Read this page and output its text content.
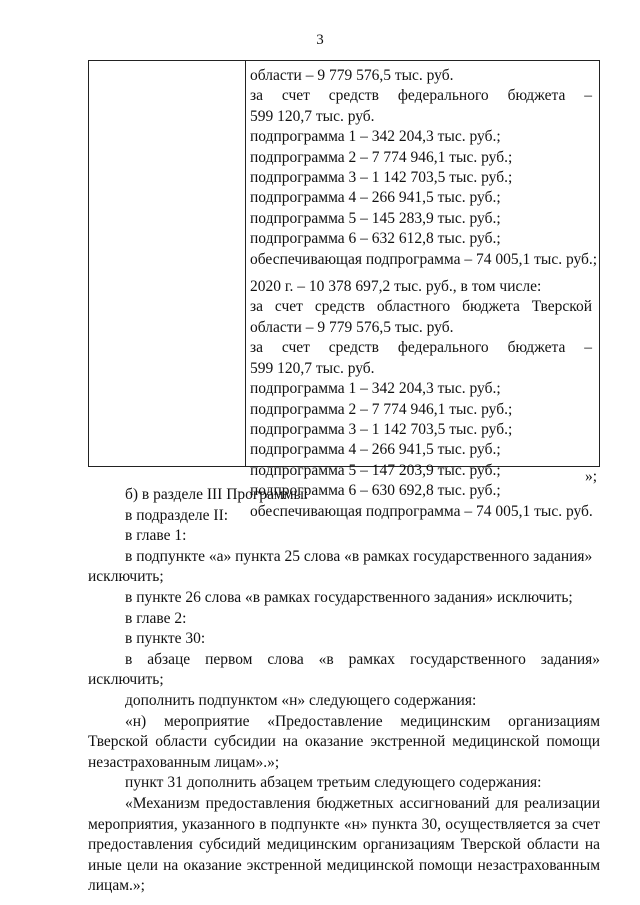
3
области – 9 779 576,5 тыс. руб.
за счет средств федерального бюджета –
599 120,7 тыс. руб.
подпрограмма 1 – 342 204,3 тыс. руб.;
подпрограмма 2 – 7 774 946,1 тыс. руб.;
подпрограмма 3 – 1 142 703,5 тыс. руб.;
подпрограмма 4 – 266 941,5 тыс. руб.;
подпрограмма 5 – 145 283,9 тыс. руб.;
подпрограмма 6 – 632 612,8 тыс. руб.;
обеспечивающая подпрограмма – 74 005,1 тыс. руб.;
2020 г. – 10 378 697,2 тыс. руб., в том числе:
за счет средств областного бюджета Тверской
области – 9 779 576,5 тыс. руб.
за счет средств федерального бюджета –
599 120,7 тыс. руб.
подпрограмма 1 – 342 204,3 тыс. руб.;
подпрограмма 2 – 7 774 946,1 тыс. руб.;
подпрограмма 3 – 1 142 703,5 тыс. руб.;
подпрограмма 4 – 266 941,5 тыс. руб.;
подпрограмма 5 – 147 203,9 тыс. руб.;
подпрограмма 6 – 630 692,8 тыс. руб.;
обеспечивающая подпрограмма – 74 005,1 тыс. руб.
»;
б) в разделе III Программы:
в подразделе II:
в главе 1:
в подпункте «а» пункта 25 слова «в рамках государственного задания»
исключить;
в пункте 26 слова «в рамках государственного задания» исключить;
в главе 2:
в пункте 30:
в абзаце первом слова «в рамках государственного задания»
исключить;
дополнить подпунктом «н» следующего содержания:
«н) мероприятие «Предоставление медицинским организациям
Тверской области субсидии на оказание экстренной медицинской помощи
незастрахованным лицам».»;
пункт 31 дополнить абзацем третьим следующего содержания:
«Механизм предоставления бюджетных ассигнований для реализации
мероприятия, указанного в подпункте «н» пункта 30, осуществляется за счет
предоставления субсидий медицинским организациям Тверской области на
иные цели на оказание экстренной медицинской помощи незастрахованным
лицам.»;
